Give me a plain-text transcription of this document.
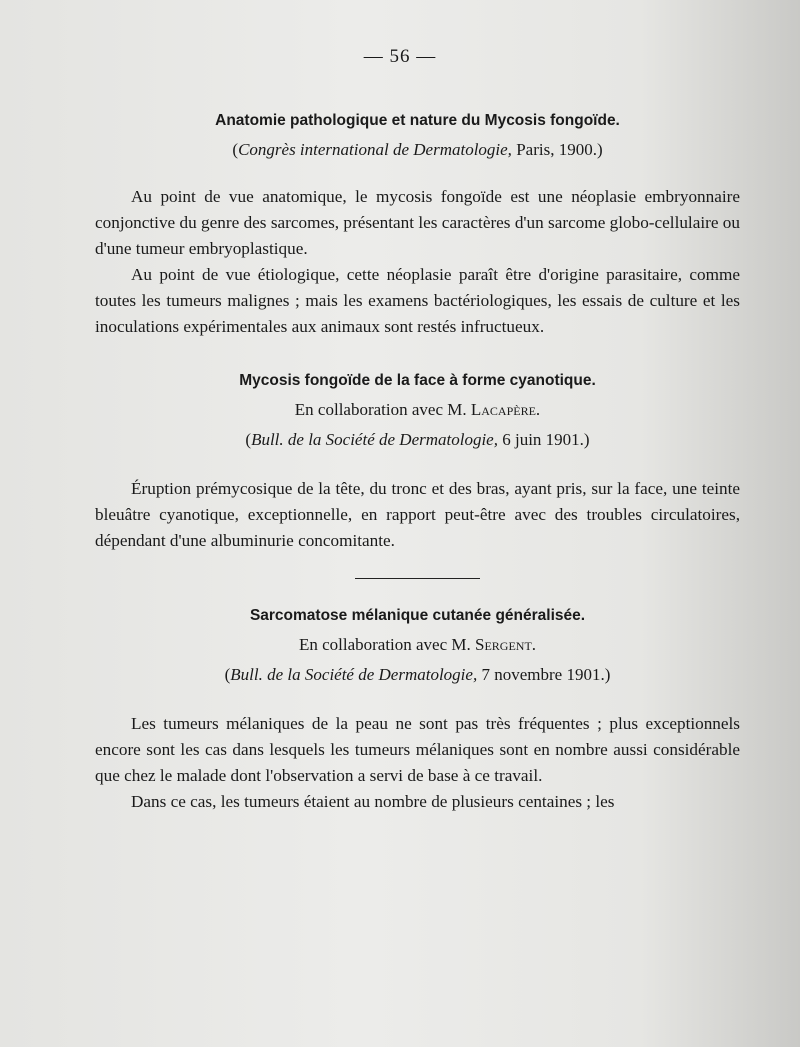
— 56 —
Anatomie pathologique et nature du Mycosis fongoïde.
(Congrès international de Dermatologie, Paris, 1900.)

Au point de vue anatomique, le mycosis fongoïde est une néoplasie embryonnaire conjonctive du genre des sarcomes, présentant les caractères d'un sarcome globo-cellulaire ou d'une tumeur embryoplastique.

Au point de vue étiologique, cette néoplasie paraît être d'origine parasitaire, comme toutes les tumeurs malignes ; mais les examens bactériologiques, les essais de culture et les inoculations expérimentales aux animaux sont restés infructueux.

Mycosis fongoïde de la face à forme cyanotique.
En collaboration avec M. Lacapère.
(Bull. de la Société de Dermatologie, 6 juin 1901.)

Éruption prémycosique de la tête, du tronc et des bras, ayant pris, sur la face, une teinte bleuâtre cyanotique, exceptionnelle, en rapport peut-être avec des troubles circulatoires, dépendant d'une albuminurie concomitante.

Sarcomatose mélanique cutanée généralisée.
En collaboration avec M. Sergent.
(Bull. de la Société de Dermatologie, 7 novembre 1901.)

Les tumeurs mélaniques de la peau ne sont pas très fréquentes ; plus exceptionnels encore sont les cas dans lesquels les tumeurs mélaniques sont en nombre aussi considérable que chez le malade dont l'observation a servi de base à ce travail.

Dans ce cas, les tumeurs étaient au nombre de plusieurs centaines ; les
